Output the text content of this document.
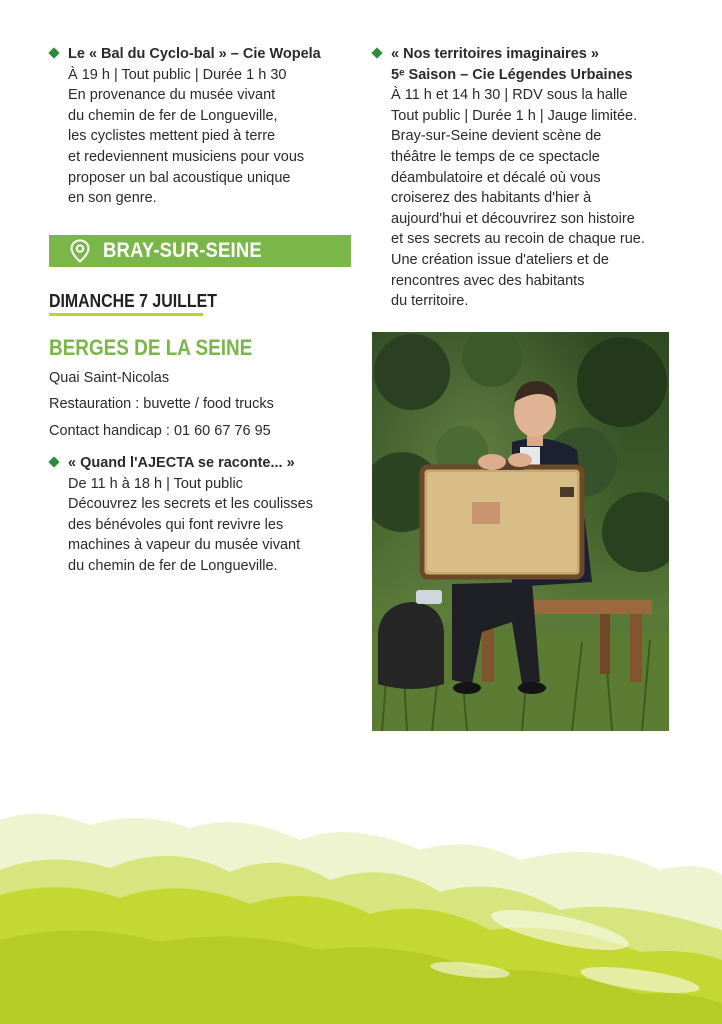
Le « Bal du Cyclo-bal » – Cie Wopela
À 19 h | Tout public | Durée 1 h 30
En provenance du musée vivant
du chemin de fer de Longueville,
les cyclistes mettent pied à terre
et redeviennent musiciens pour vous
proposer un bal acoustique unique
en son genre.
BRAY-SUR-SEINE
DIMANCHE 7 JUILLET
BERGES DE LA SEINE
Quai Saint-Nicolas
Restauration : buvette / food trucks
Contact handicap : 01 60 67 76 95
« Quand l'AJECTA se raconte... »
De 11 h à 18 h | Tout public
Découvrez les secrets et les coulisses
des bénévoles qui font revivre les
machines à vapeur du musée vivant
du chemin de fer de Longueville.
« Nos territoires imaginaires »
5ᵉ Saison – Cie Légendes Urbaines
À 11 h et 14 h 30 | RDV sous la halle
Tout public | Durée 1 h | Jauge limitée.
Bray-sur-Seine devient scène de
théâtre le temps de ce spectacle
déambulatoire et décalé où vous
croiserez des habitants d'hier à
aujourd'hui et découvrirez son histoire
et ses secrets au recoin de chaque rue.
Une création issue d'ateliers et de
rencontres avec des habitants
du territoire.
